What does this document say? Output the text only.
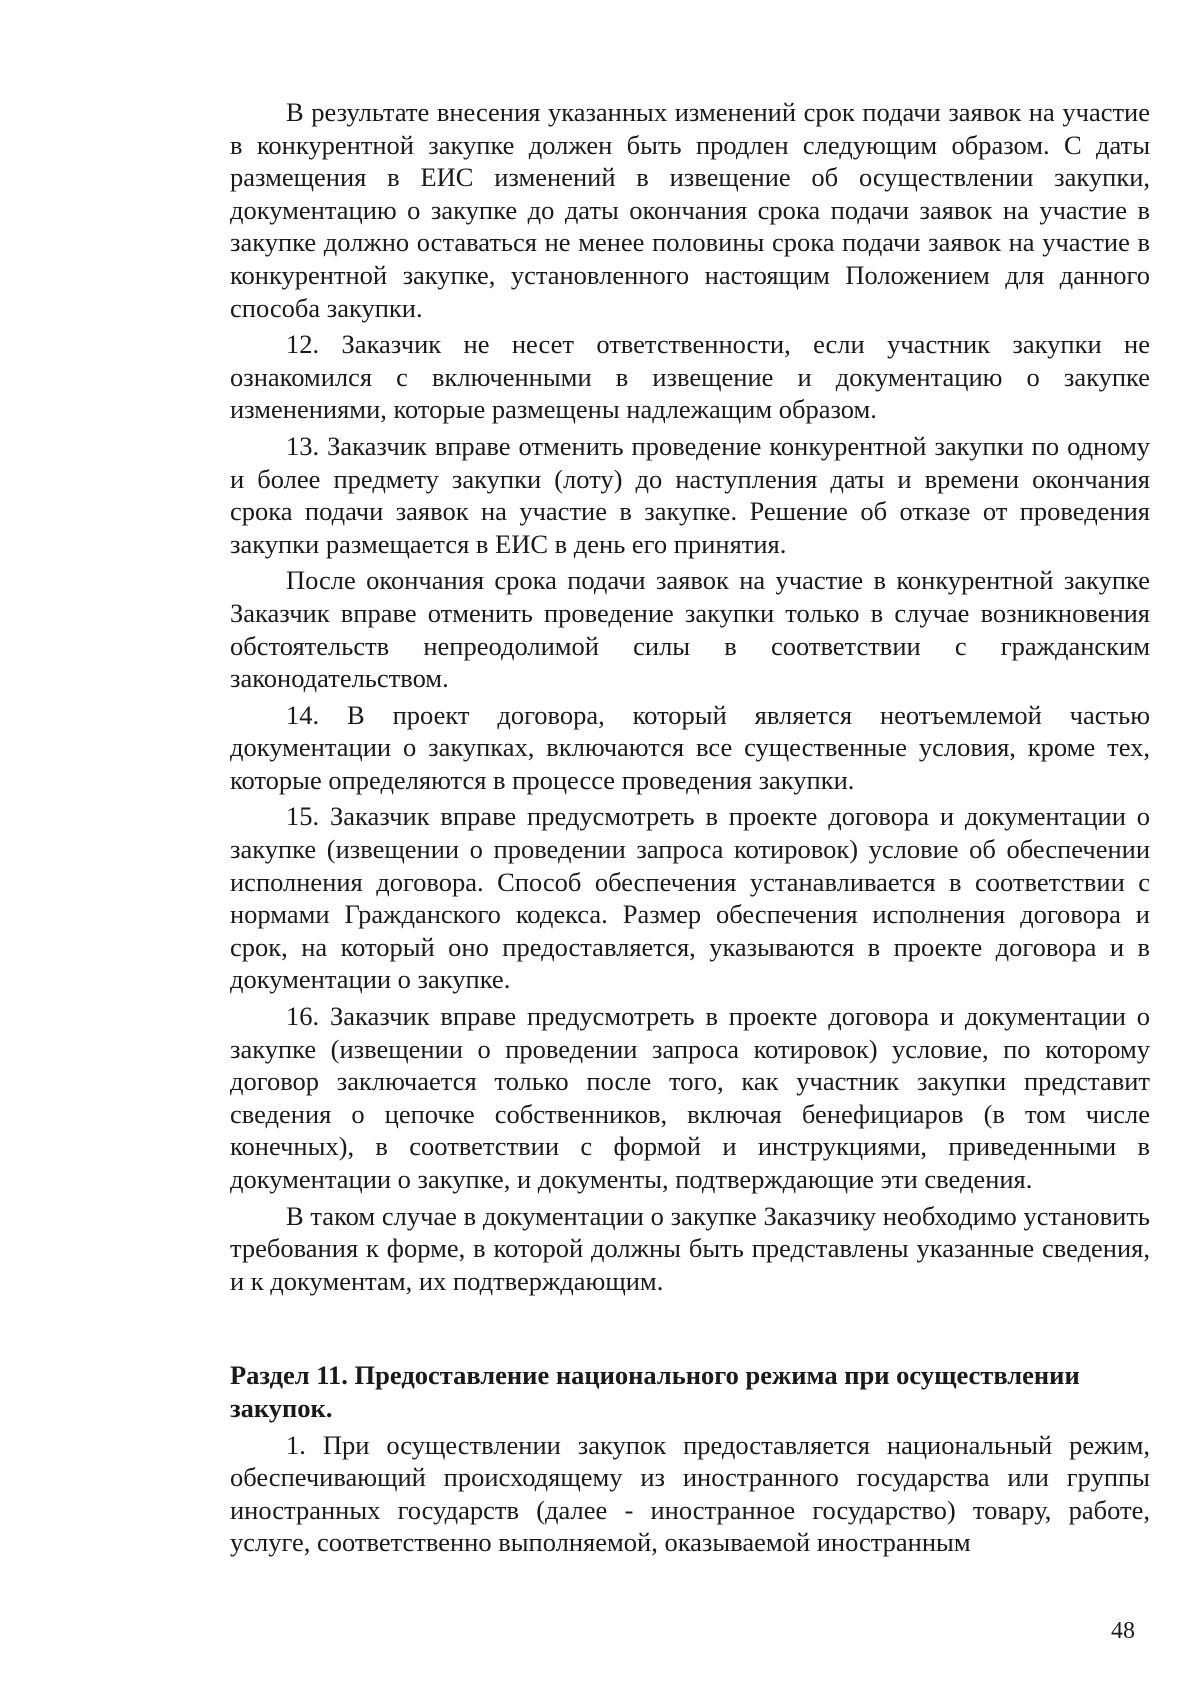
В результате внесения указанных изменений срок подачи заявок на участие в конкурентной закупке должен быть продлен следующим образом. С даты размещения в ЕИС изменений в извещение об осуществлении закупки, документацию о закупке до даты окончания срока подачи заявок на участие в закупке должно оставаться не менее половины срока подачи заявок на участие в конкурентной закупке, установленного настоящим Положением для данного способа закупки.

12. Заказчик не несет ответственности, если участник закупки не ознакомился с включенными в извещение и документацию о закупке изменениями, которые размещены надлежащим образом.

13. Заказчик вправе отменить проведение конкурентной закупки по одному и более предмету закупки (лоту) до наступления даты и времени окончания срока подачи заявок на участие в закупке. Решение об отказе от проведения закупки размещается в ЕИС в день его принятия.

После окончания срока подачи заявок на участие в конкурентной закупке Заказчик вправе отменить проведение закупки только в случае возникновения обстоятельств непреодолимой силы в соответствии с гражданским законодательством.

14. В проект договора, который является неотъемлемой частью документации о закупках, включаются все существенные условия, кроме тех, которые определяются в процессе проведения закупки.

15. Заказчик вправе предусмотреть в проекте договора и документации о закупке (извещении о проведении запроса котировок) условие об обеспечении исполнения договора. Способ обеспечения устанавливается в соответствии с нормами Гражданского кодекса. Размер обеспечения исполнения договора и срок, на который оно предоставляется, указываются в проекте договора и в документации о закупке.

16. Заказчик вправе предусмотреть в проекте договора и документации о закупке (извещении о проведении запроса котировок) условие, по которому договор заключается только после того, как участник закупки представит сведения о цепочке собственников, включая бенефициаров (в том числе конечных), в соответствии с формой и инструкциями, приведенными в документации о закупке, и документы, подтверждающие эти сведения.

В таком случае в документации о закупке Заказчику необходимо установить требования к форме, в которой должны быть представлены указанные сведения, и к документам, их подтверждающим.

Раздел 11. Предоставление национального режима при осуществлении закупок.

1. При осуществлении закупок предоставляется национальный режим, обеспечивающий происходящему из иностранного государства или группы иностранных государств (далее - иностранное государство) товару, работе, услуге, соответственно выполняемой, оказываемой иностранным

48
